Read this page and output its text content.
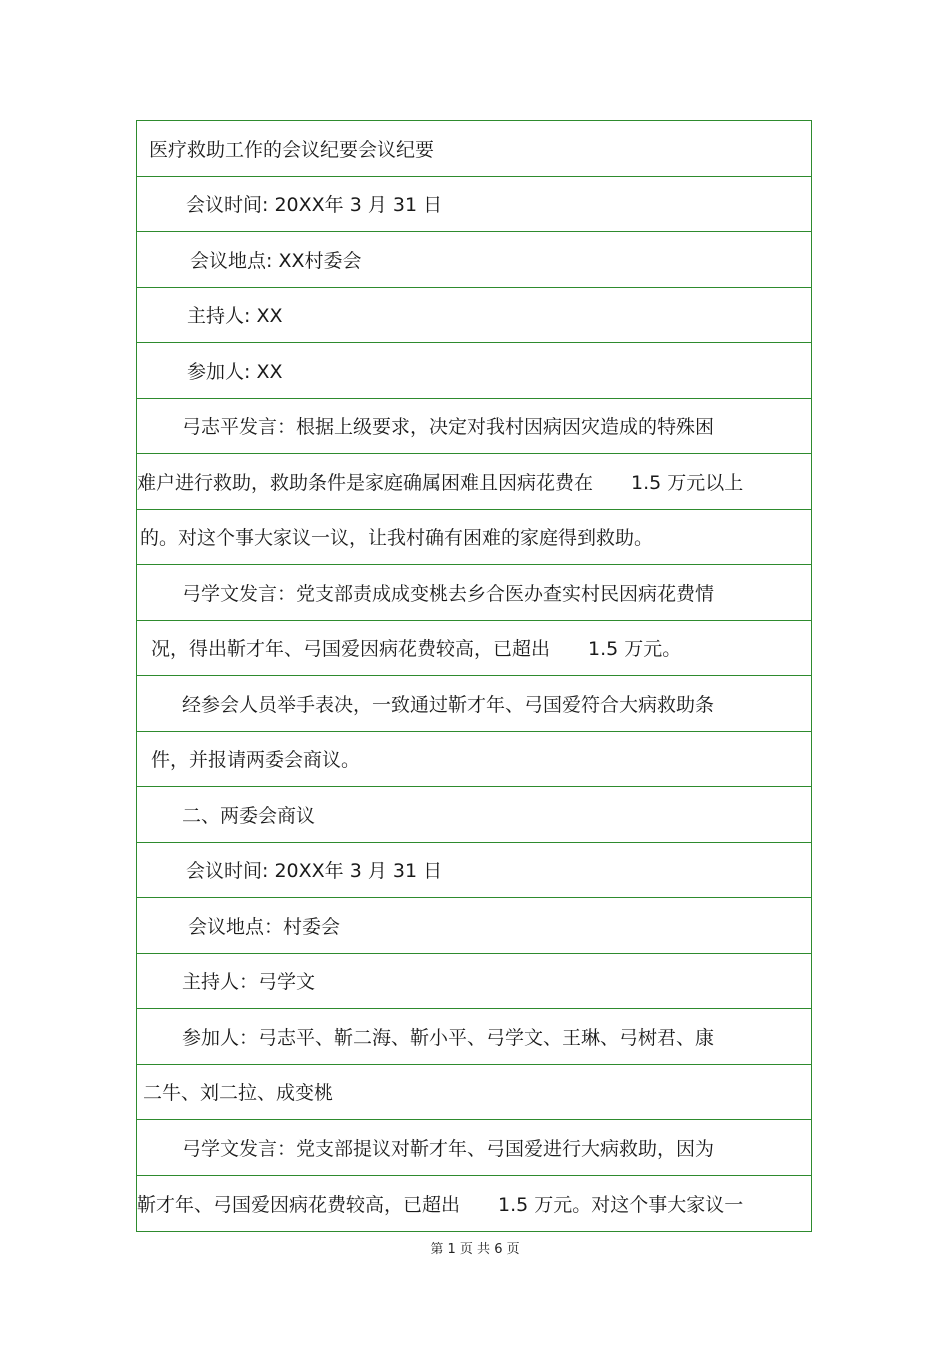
医疗救助工作的会议纪要会议纪要
会议时间: 20XX年 3 月 31 日
会议地点: XX村委会
主持人: XX
参加人: XX
弓志平发言：根据上级要求，决定对我村因病因灾造成的特殊困
难户进行救助，救助条件是家庭确属困难且因病花费在　　1.5 万元以上
的。对这个事大家议一议，让我村确有困难的家庭得到救助。
弓学文发言：党支部责成成变桃去乡合医办查实村民因病花费情
况，得出靳才年、弓国爱因病花费较高，已超出　　1.5 万元。
经参会人员举手表决，一致通过靳才年、弓国爱符合大病救助条
件，并报请两委会商议。
二、两委会商议
会议时间: 20XX年 3 月 31 日
会议地点：村委会
主持人：弓学文
参加人：弓志平、靳二海、靳小平、弓学文、王琳、弓树君、康
二牛、刘二拉、成变桃
弓学文发言：党支部提议对靳才年、弓国爱进行大病救助，因为
靳才年、弓国爱因病花费较高，已超出　　1.5 万元。对这个事大家议一
第 1 页 共 6 页
